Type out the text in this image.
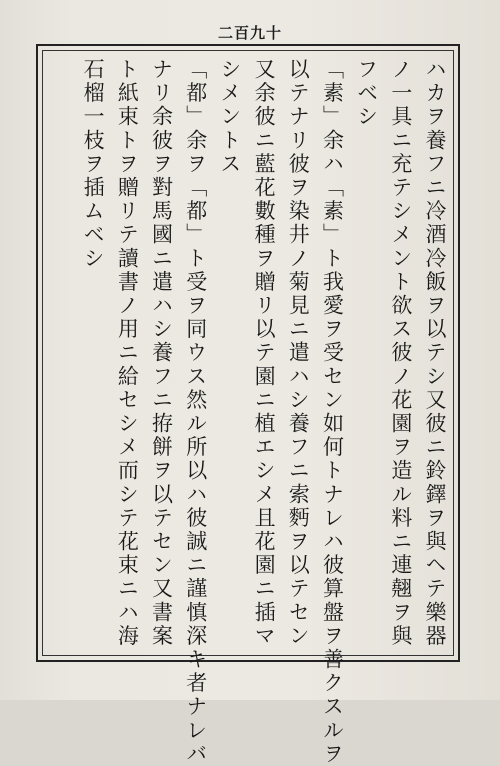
二百九十
ハカヲ養フニ冷酒冷飯ヲ以テシ又彼ニ鈴鐸ヲ與ヘテ樂器
ノ一具ニ充テシメント欲ス彼ノ花園ヲ造ル料ニ連翹ヲ與
フベシ
「素」余ハ「素」ト我愛ヲ受セン如何トナレハ彼算盤ヲ善クスルヲ
以テナリ彼ヲ染井ノ菊見ニ遣ハシ養フニ索麪ヲ以テセン
又余彼ニ藍花數種ヲ贈リ以テ園ニ植エシメ且花園ニ插マ
シメントス
「都」余ヲ「都」ト受ヲ同ウス然ル所以ハ彼誠ニ謹慎深キ者ナレバ
ナリ余彼ヲ對馬國ニ遣ハシ養フニ拵餅ヲ以テセン又書案
ト紙束トヲ贈リテ讀書ノ用ニ給セシメ而シテ花束ニハ海
石榴一枝ヲ插ムベシ
